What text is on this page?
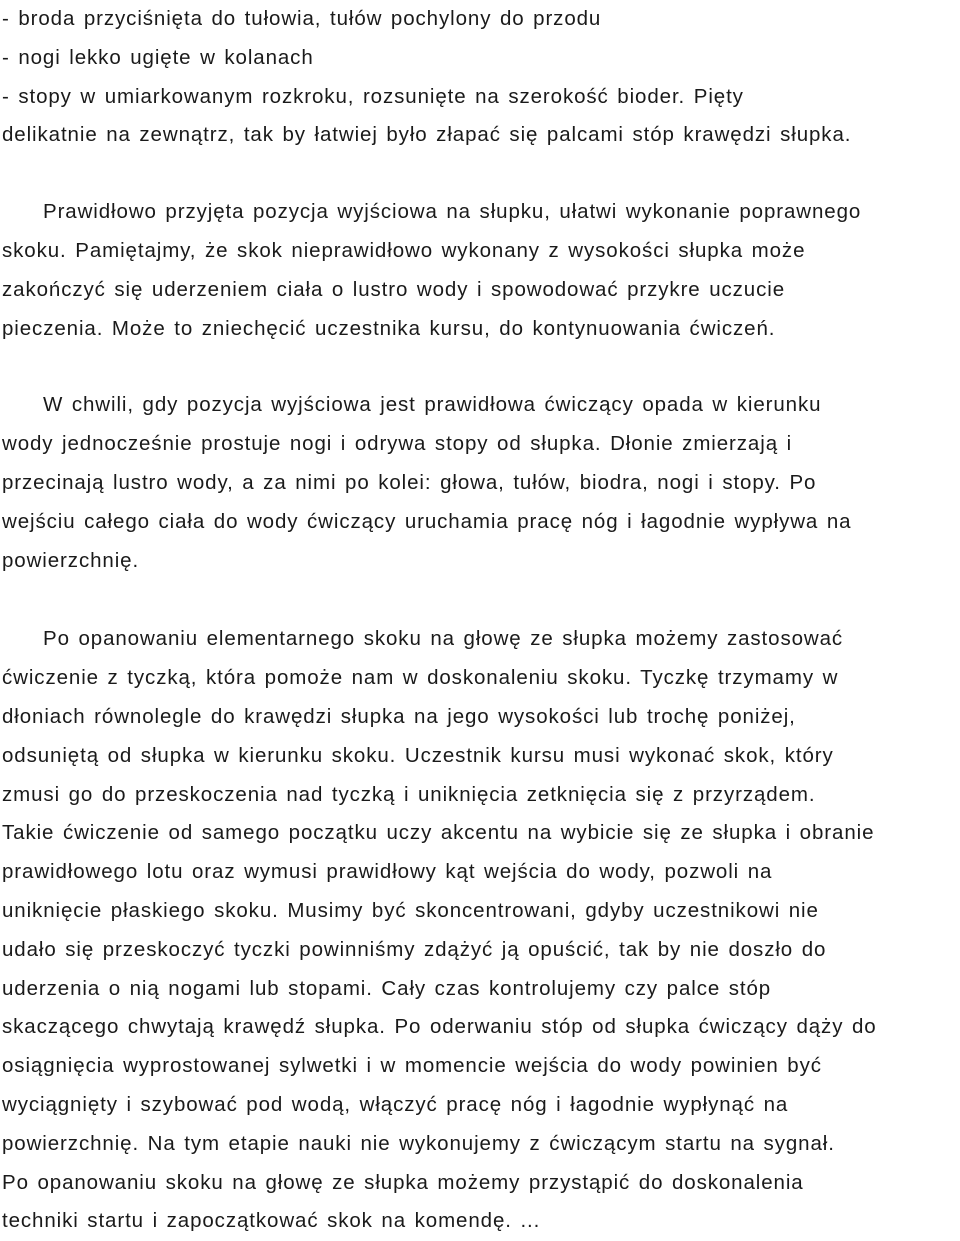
- broda przyciśnięta do tułowia, tułów pochylony do przodu
- nogi lekko ugięte w kolanach
- stopy w umiarkowanym rozkroku, rozsunięte na szerokość bioder. Pięty
delikatnie na zewnątrz, tak by łatwiej było złapać się palcami stóp krawędzi słupka.
Prawidłowo przyjęta pozycja wyjściowa na słupku, ułatwi wykonanie poprawnego
skoku. Pamiętajmy, że skok nieprawidłowo wykonany z wysokości słupka może
zakończyć się uderzeniem ciała o lustro wody i spowodować przykre uczucie
pieczenia. Może to zniechęcić uczestnika kursu, do kontynuowania ćwiczeń.
W chwili, gdy pozycja wyjściowa jest prawidłowa ćwiczący opada w kierunku
wody jednocześnie prostuje nogi i odrywa stopy od słupka. Dłonie zmierzają i
przecinają lustro wody, a za nimi po kolei: głowa, tułów, biodra, nogi i stopy. Po
wejściu całego ciała do wody ćwiczący uruchamia pracę nóg i łagodnie wypływa na
powierzchnię.
Po opanowaniu elementarnego skoku na głowę ze słupka możemy zastosować
ćwiczenie z tyczką, która pomoże nam w doskonaleniu skoku. Tyczkę trzymamy w
dłoniach równolegle do krawędzi słupka na jego wysokości lub trochę poniżej,
odsuniętą od słupka w kierunku skoku. Uczestnik kursu musi wykonać skok, który
zmusi go do przeskoczenia nad tyczką i uniknięcia zetknięcia się z przyrządem.
Takie ćwiczenie od samego początku uczy akcentu na wybicie się ze słupka i obranie
prawidłowego lotu oraz wymusi prawidłowy kąt wejścia do wody, pozwoli na
uniknięcie płaskiego skoku. Musimy być skoncentrowani, gdyby uczestnikowi nie
udało się przeskoczyć tyczki powinniśmy zdążyć ją opuścić, tak by nie doszło do
uderzenia o nią nogami lub stopami. Cały czas kontrolujemy czy palce stóp
skaczącego chwytają krawędź słupka. Po oderwaniu stóp od słupka ćwiczący dąży do
osiągnięcia wyprostowanej sylwetki i w momencie wejścia do wody powinien być
wyciągnięty i szybować pod wodą, włączyć pracę nóg i łagodnie wypłynąć na
powierzchnię. Na tym etapie nauki nie wykonujemy z ćwiczącym startu na sygnał.
Po opanowaniu skoku na głowę ze słupka możemy przystąpić do doskonalenia
techniki startu i zapoczątkować skok na komendę. ...
